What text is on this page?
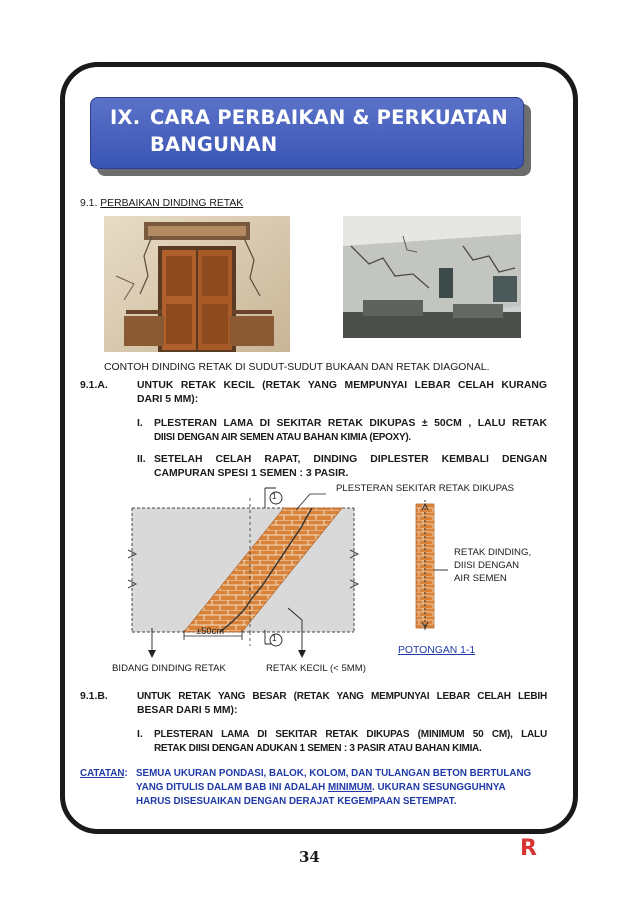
IX. CARA PERBAIKAN & PERKUATAN
BANGUNAN
9.1. PERBAIKAN DINDING RETAK
CONTOH DINDING RETAK DI SUDUT-SUDUT BUKAAN DAN RETAK DIAGONAL.
9.1.A.	UNTUK RETAK KECIL (RETAK YANG MEMPUNYAI LEBAR CELAH KURANG
DARI 5 MM):
I. PLESTERAN LAMA DI SEKITAR RETAK DIKUPAS ± 50CM , LALU RETAK
DIISI DENGAN AIR SEMEN ATAU BAHAN KIMIA (EPOXY).
II. SETELAH CELAH RAPAT, DINDING DIPLESTER KEMBALI DENGAN
CAMPURAN SPESI 1 SEMEN : 3 PASIR.
PLESTERAN SEKITAR RETAK DIKUPAS
1
1
±50cm
BIDANG DINDING RETAK	RETAK KECIL (< 5MM)
POTONGAN 1-1
RETAK DINDING,
DIISI DENGAN
AIR SEMEN
9.1.B.	UNTUK RETAK YANG BESAR (RETAK YANG MEMPUNYAI LEBAR CELAH LEBIH
BESAR DARI 5 MM):
I. PLESTERAN LAMA DI SEKITAR RETAK DIKUPAS (MINIMUM 50 CM), LALU
RETAK DIISI DENGAN ADUKAN 1 SEMEN : 3 PASIR ATAU BAHAN KIMIA.
CATATAN: SEMUA UKURAN PONDASI, BALOK, KOLOM, DAN TULANGAN BETON BERTULANG
YANG DITULIS DALAM BAB INI ADALAH MINIMUM. UKURAN SESUNGGUHNYA
HARUS DISESUAIKAN DENGAN DERAJAT KEGEMPAAN SETEMPAT.
34	R
